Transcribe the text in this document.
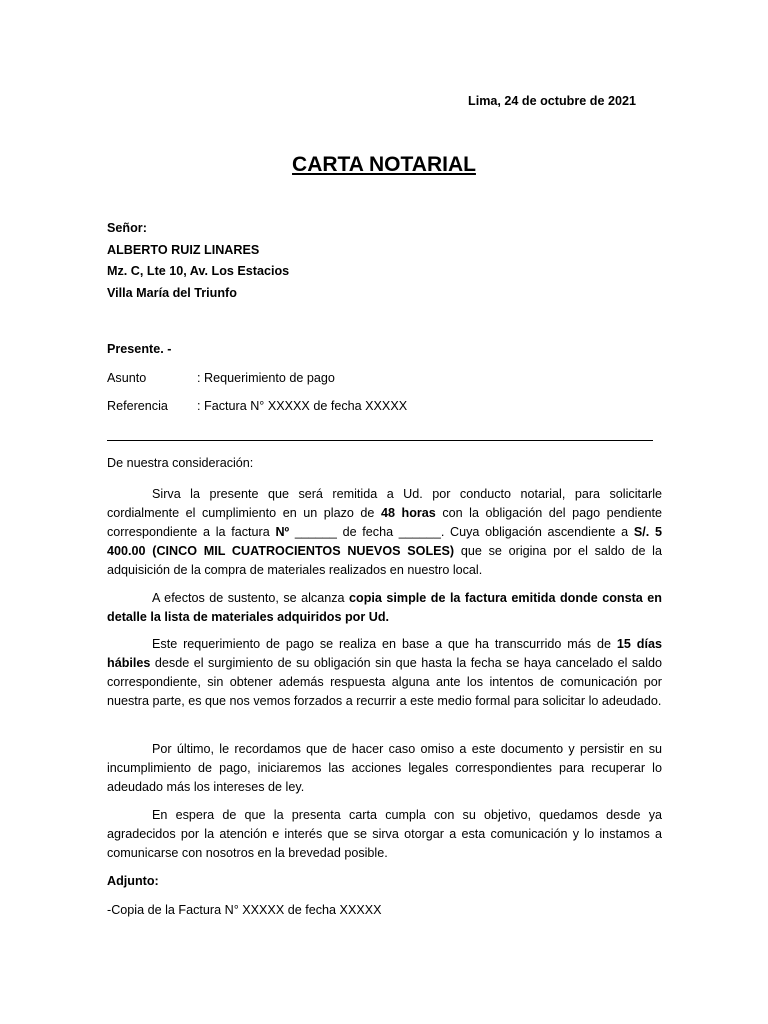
Lima, 24 de octubre de 2021
CARTA NOTARIAL
Señor:
ALBERTO RUIZ LINARES
Mz. C, Lte 10, Av. Los Estacios
Villa María del Triunfo
Presente. -
Asunto	: Requerimiento de pago
Referencia : Factura N° XXXXX de fecha XXXXX
De nuestra consideración:
Sirva la presente que será remitida a Ud. por conducto notarial, para solicitarle cordialmente el cumplimiento en un plazo de 48 horas con la obligación del pago pendiente correspondiente a la factura Nº ______ de fecha ______. Cuya obligación ascendiente a S/. 5 400.00 (CINCO MIL CUATROCIENTOS NUEVOS SOLES) que se origina por el saldo de la adquisición de la compra de materiales realizados en nuestro local.
A efectos de sustento, se alcanza copia simple de la factura emitida donde consta en detalle la lista de materiales adquiridos por Ud.
Este requerimiento de pago se realiza en base a que ha transcurrido más de 15 días hábiles desde el surgimiento de su obligación sin que hasta la fecha se haya cancelado el saldo correspondiente, sin obtener además respuesta alguna ante los intentos de comunicación por nuestra parte, es que nos vemos forzados a recurrir a este medio formal para solicitar lo adeudado.
Por último, le recordamos que de hacer caso omiso a este documento y persistir en su incumplimiento de pago, iniciaremos las acciones legales correspondientes para recuperar lo adeudado más los intereses de ley.
En espera de que la presenta carta cumpla con su objetivo, quedamos desde ya agradecidos por la atención e interés que se sirva otorgar a esta comunicación y lo instamos a comunicarse con nosotros en la brevedad posible.
Adjunto:
-Copia de la Factura N° XXXXX de fecha XXXXX
